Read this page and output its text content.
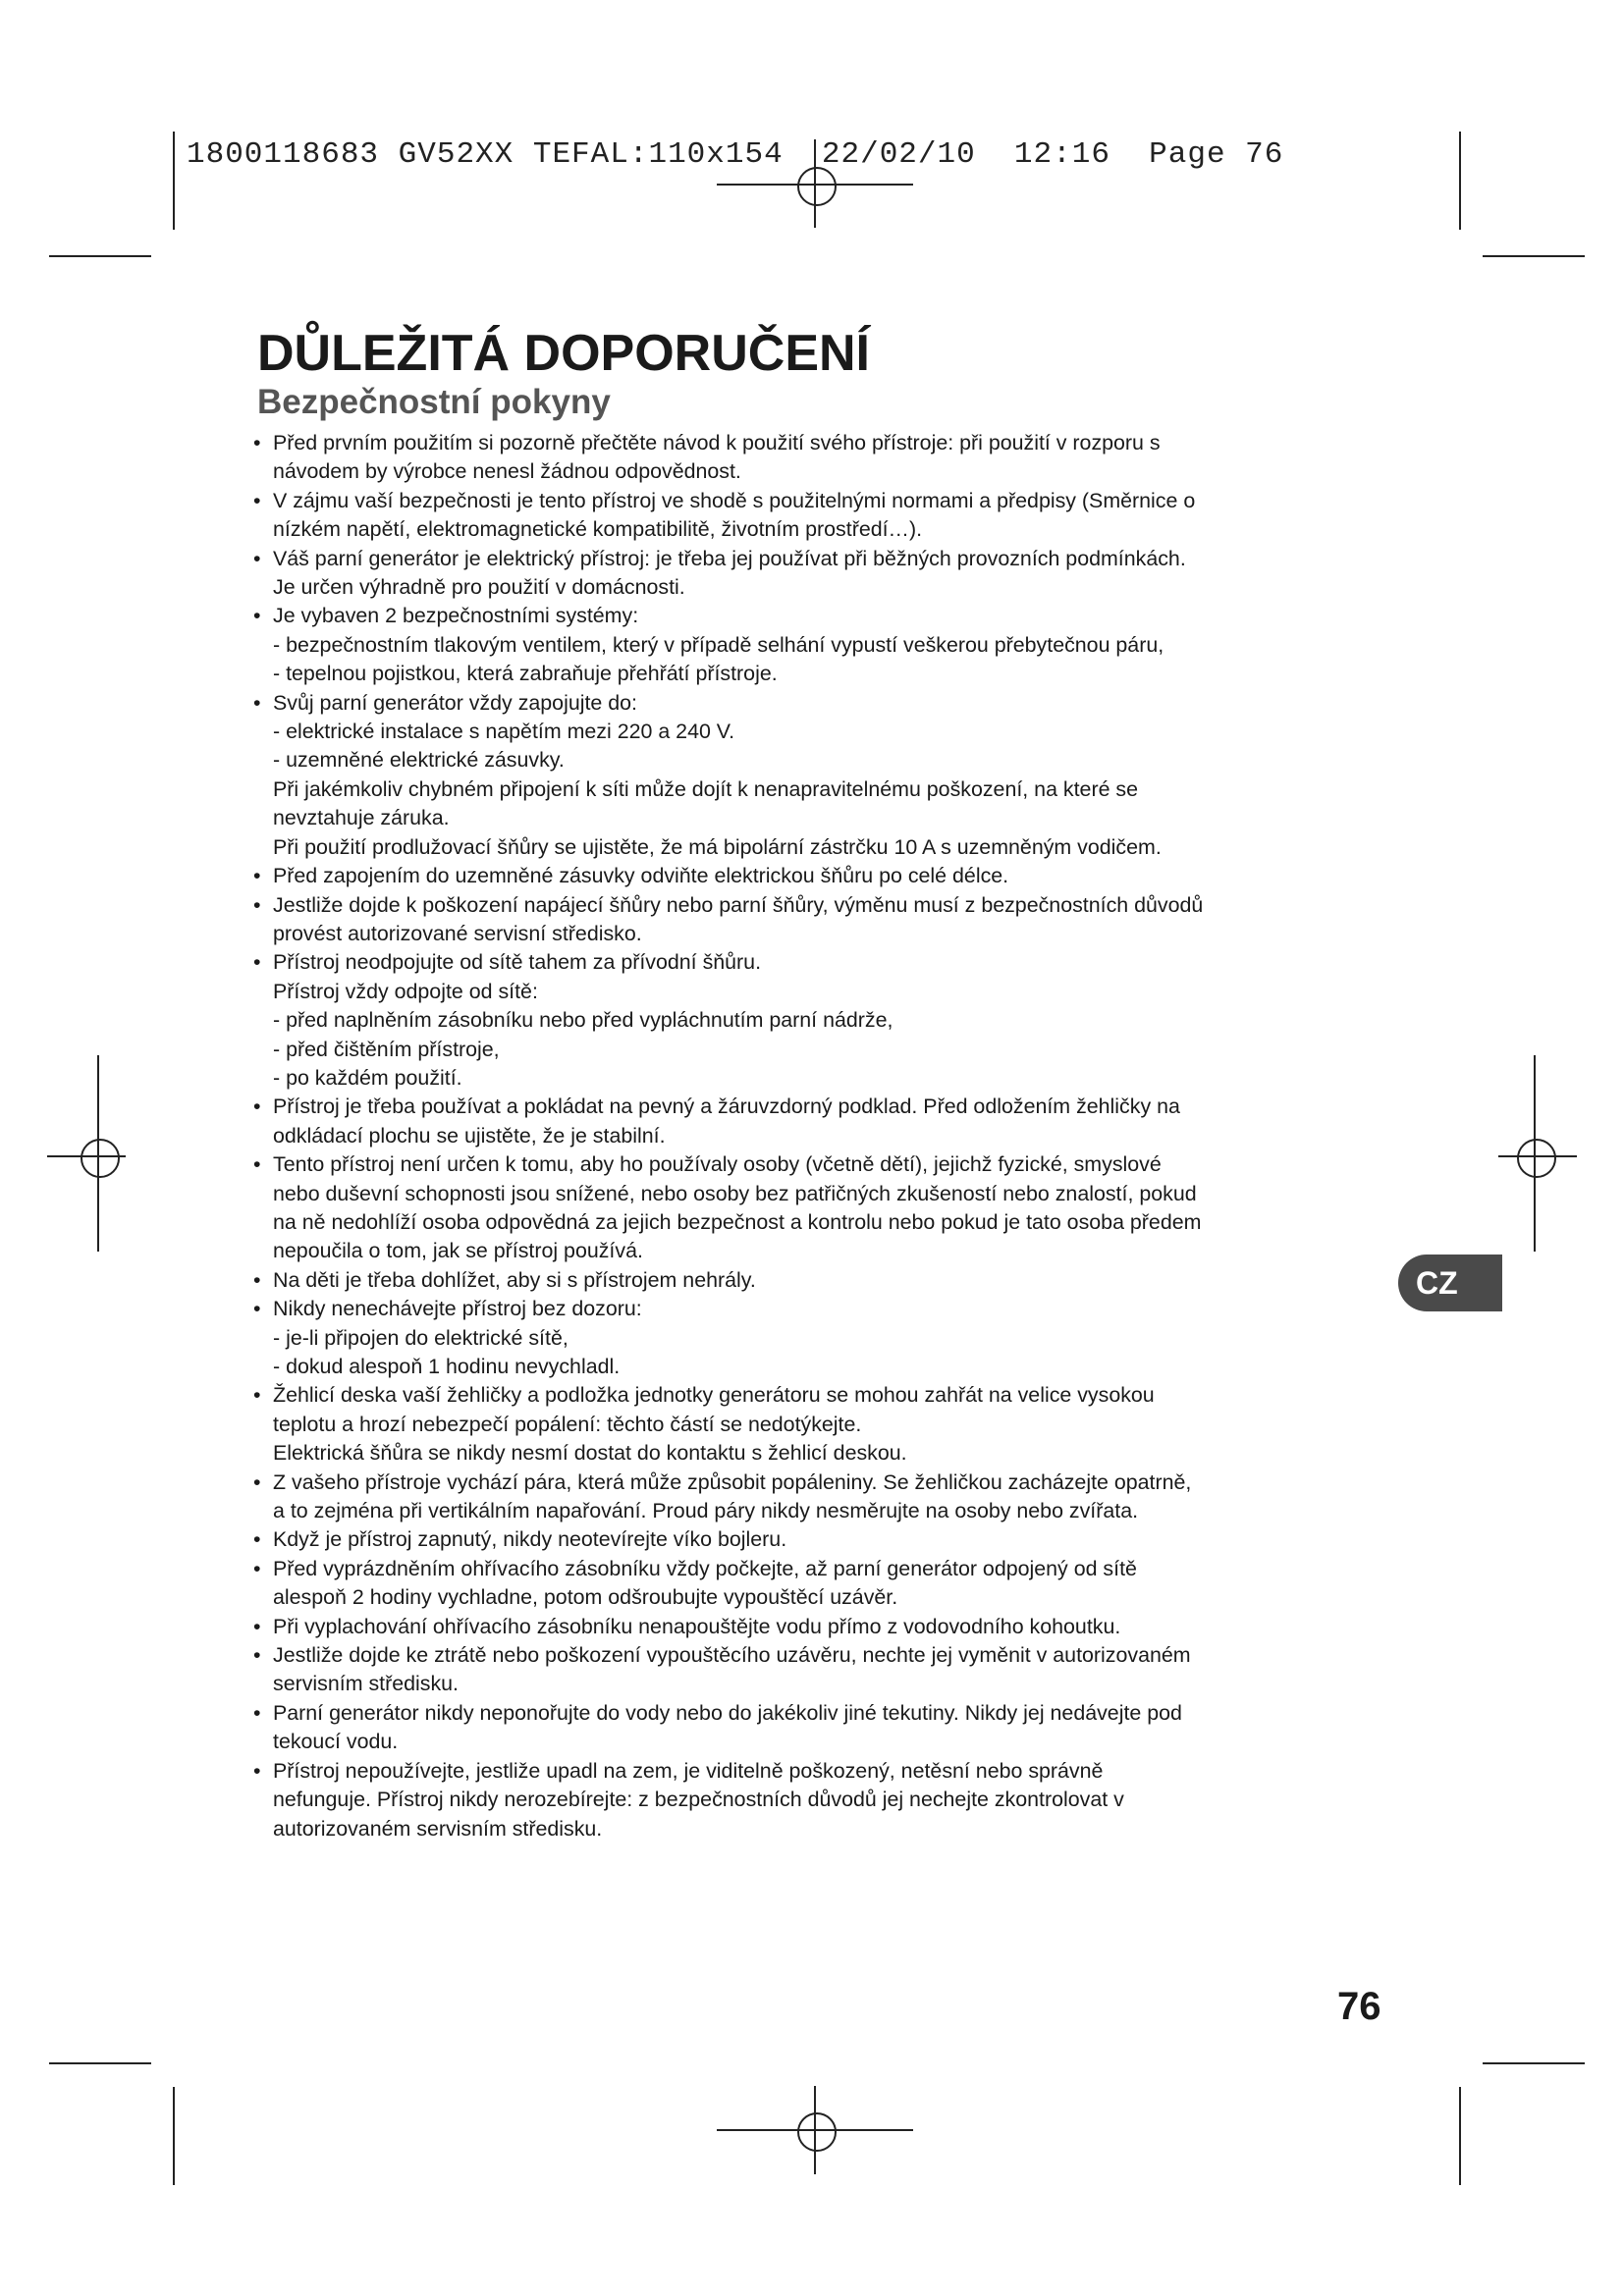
1800118683 GV52XX TEFAL:110x154  22/02/10  12:16  Page 76
DŮLEŽITÁ DOPORUČENÍ
Bezpečnostní pokyny
• Před prvním použitím si pozorně přečtěte návod k použití svého přístroje: při použití v rozporu s
návodem by výrobce nenesl žádnou odpovědnost.
• V zájmu vaší bezpečnosti je tento přístroj ve shodě s použitelnými normami a předpisy (Směrnice o
nízkém napětí, elektromagnetické kompatibilitě, životním prostředí…).
• Váš parní generátor je elektrický přístroj: je třeba jej používat při běžných provozních podmínkách.
Je určen výhradně pro použití v domácnosti.
• Je vybaven 2 bezpečnostními systémy:
- bezpečnostním tlakovým ventilem, který v případě selhání vypustí veškerou přebytečnou páru,
- tepelnou pojistkou, která zabraňuje přehřátí přístroje.
• Svůj parní generátor vždy zapojujte do:
- elektrické instalace s napětím mezi 220 a 240 V.
- uzemněné elektrické zásuvky.
Při jakémkoliv chybném připojení k síti může dojít k nenapravitelnému poškození, na které se
nevztahuje záruka.
Při použití prodlužovací šňůry se ujistěte, že má bipolární zástrčku 10 A s uzemněným vodičem.
• Před zapojením do uzemněné zásuvky odviňte elektrickou šňůru po celé délce.
• Jestliže dojde k poškození napájecí šňůry nebo parní šňůry, výměnu musí z bezpečnostních důvodů
provést autorizované servisní středisko.
• Přístroj neodpojujte od sítě tahem za přívodní šňůru.
Přístroj vždy odpojte od sítě:
- před naplněním zásobníku nebo před vypláchnutím parní nádrže,
- před čištěním přístroje,
- po každém použití.
• Přístroj je třeba používat a pokládat na pevný a žáruvzdorný podklad. Před odložením žehličky na
odkládací plochu se ujistěte, že je stabilní.
• Tento přístroj není určen k tomu, aby ho používaly osoby (včetně dětí), jejichž fyzické, smyslové
nebo duševní schopnosti jsou snížené, nebo osoby bez patřičných zkušeností nebo znalostí, pokud
na ně nedohlíží osoba odpovědná za jejich bezpečnost a kontrolu nebo pokud je tato osoba předem
nepoučila o tom, jak se přístroj používá.
• Na děti je třeba dohlížet, aby si s přístrojem nehrály.
• Nikdy nenechávejte přístroj bez dozoru:
- je-li připojen do elektrické sítě,
- dokud alespoň 1 hodinu nevychladl.
• Žehlicí deska vaší žehličky a podložka jednotky generátoru se mohou zahřát na velice vysokou
teplotu a hrozí nebezpečí popálení: těchto částí se nedotýkejte.
Elektrická šňůra se nikdy nesmí dostat do kontaktu s žehlicí deskou.
• Z vašeho přístroje vychází pára, která může způsobit popáleniny. Se žehličkou zacházejte opatrně,
a to zejména při vertikálním napařování. Proud páry nikdy nesměrujte na osoby nebo zvířata.
• Když je přístroj zapnutý, nikdy neotevírejte víko bojleru.
• Před vyprázdněním ohřívacího zásobníku vždy počkejte, až parní generátor odpojený od sítě
alespoň 2 hodiny vychladne, potom odšroubujte vypouštěcí uzávěr.
• Při vyplachování ohřívacího zásobníku nenapouštějte vodu přímo z vodovodního kohoutku.
• Jestliže dojde ke ztrátě nebo poškození vypouštěcího uzávěru, nechte jej vyměnit v autorizovaném
servisním středisku.
• Parní generátor nikdy neponořujte do vody nebo do jakékoliv jiné tekutiny. Nikdy jej nedávejte pod
tekoucí vodu.
• Přístroj nepoužívejte, jestliže upadl na zem, je viditelně poškozený, netěsní nebo správně
nefunguje. Přístroj nikdy nerozebírejte: z bezpečnostních důvodů jej nechejte zkontrolovat v
autorizovaném servisním středisku.
CZ
76
